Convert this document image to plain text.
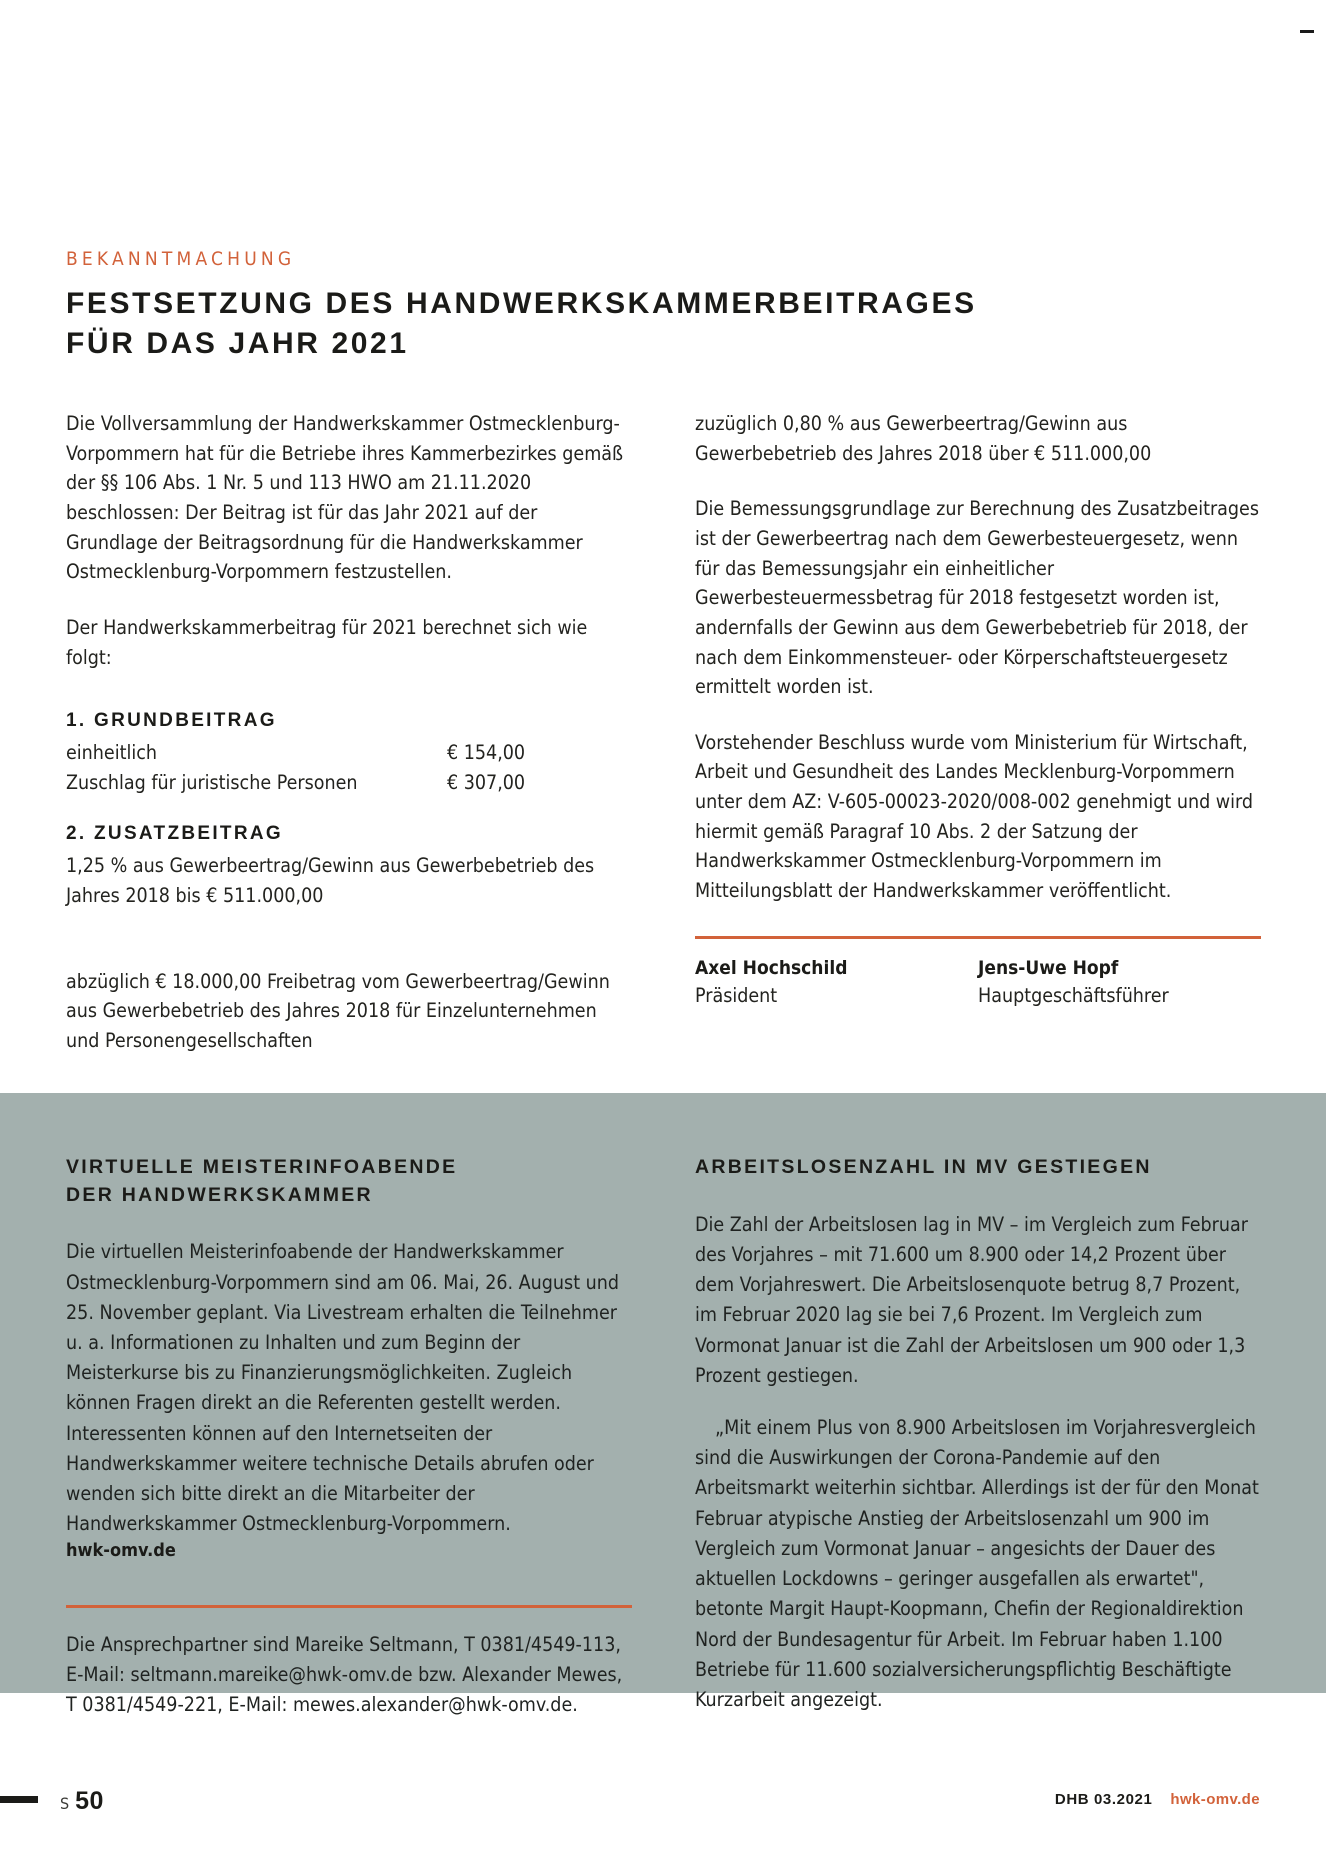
BEKANNTMACHUNG
FESTSETZUNG DES HANDWERKSKAMMERBEITRAGES
FÜR DAS JAHR 2021

Die Vollversammlung der Handwerkskammer Ostmecklenburg-Vorpommern hat für die Betriebe ihres Kammerbezirkes gemäß der §§ 106 Abs. 1 Nr. 5 und 113 HWO am 21.11.2020 beschlossen: Der Beitrag ist für das Jahr 2021 auf der Grundlage der Beitragsordnung für die Handwerkskammer Ostmecklenburg-Vorpommern festzustellen.

Der Handwerkskammerbeitrag für 2021 berechnet sich wie folgt:

1. GRUNDBEITRAG
einheitlich	€ 154,00
Zuschlag für juristische Personen	€ 307,00
2. ZUSATZBEITRAG

1,25 % aus Gewerbeertrag/Gewinn aus Gewerbebetrieb des Jahres 2018 bis € 511.000,00

abzüglich € 18.000,00 Freibetrag vom Gewerbeertrag/Gewinn aus Gewerbebetrieb des Jahres 2018 für Einzelunternehmen und Personengesellschaften

zuzüglich 0,80 % aus Gewerbeertrag/Gewinn aus Gewerbebetrieb des Jahres 2018 über € 511.000,00

Die Bemessungsgrundlage zur Berechnung des Zusatzbeitrages ist der Gewerbeertrag nach dem Gewerbesteuergesetz, wenn für das Bemessungsjahr ein einheitlicher Gewerbesteuermessbetrag für 2018 festgesetzt worden ist, andernfalls der Gewinn aus dem Gewerbebetrieb für 2018, der nach dem Einkommensteuer- oder Körperschaftsteuergesetz ermittelt worden ist.

Vorstehender Beschluss wurde vom Ministerium für Wirtschaft, Arbeit und Gesundheit des Landes Mecklenburg-Vorpommern unter dem AZ: V-605-00023-2020/008-002 genehmigt und wird hiermit gemäß Paragraf 10 Abs. 2 der Satzung der Handwerkskammer Ostmecklenburg-Vorpommern im Mitteilungsblatt der Handwerkskammer veröffentlicht.

Axel Hochschild

Präsident

Jens-Uwe Hopf

Hauptgeschäftsführer

VIRTUELLE MEISTERINFOABENDE
DER HANDWERKSKAMMER

Die virtuellen Meisterinfoabende der Handwerkskammer Ostmecklenburg-Vorpommern sind am 06. Mai, 26. August und 25. November geplant. Via Livestream erhalten die Teilnehmer u. a. Informationen zu Inhalten und zum Beginn der Meisterkurse bis zu Finanzierungsmöglichkeiten. Zugleich können Fragen direkt an die Referenten gestellt werden. Interessenten können auf den Internetseiten der Handwerkskammer weitere technische Details abrufen oder wenden sich bitte direkt an die Mitarbeiter der Handwerkskammer Ostmecklenburg-Vorpommern.

hwk-omv.de

Die Ansprechpartner sind Mareike Seltmann, T 0381/4549-113, E-Mail: seltmann.mareike@hwk-omv.de bzw. Alexander Mewes, T 0381/4549-221, E-Mail: mewes.alexander@hwk-omv.de.

ARBEITSLOSENZAHL IN MV GESTIEGEN

Die Zahl der Arbeitslosen lag in MV – im Vergleich zum Februar des Vorjahres – mit 71.600 um 8.900 oder 14,2 Prozent über dem Vorjahreswert. Die Arbeitslosenquote betrug 8,7 Prozent, im Februar 2020 lag sie bei 7,6 Prozent. Im Vergleich zum Vormonat Januar ist die Zahl der Arbeitslosen um 900 oder 1,3 Prozent gestiegen.

„Mit einem Plus von 8.900 Arbeitslosen im Vorjahresvergleich sind die Auswirkungen der Corona-Pandemie auf den Arbeitsmarkt weiterhin sichtbar. Allerdings ist der für den Monat Februar atypische Anstieg der Arbeitslosenzahl um 900 im Vergleich zum Vormonat Januar – angesichts der Dauer des aktuellen Lockdowns – geringer ausgefallen als erwartet", betonte Margit Haupt-Koopmann, Chefin der Regionaldirektion Nord der Bundesagentur für Arbeit. Im Februar haben 1.100 Betriebe für 11.600 sozialversicherungspflichtig Beschäftigte Kurzarbeit angezeigt.

S 50	DHB 03.2021 hwk-omv.de
